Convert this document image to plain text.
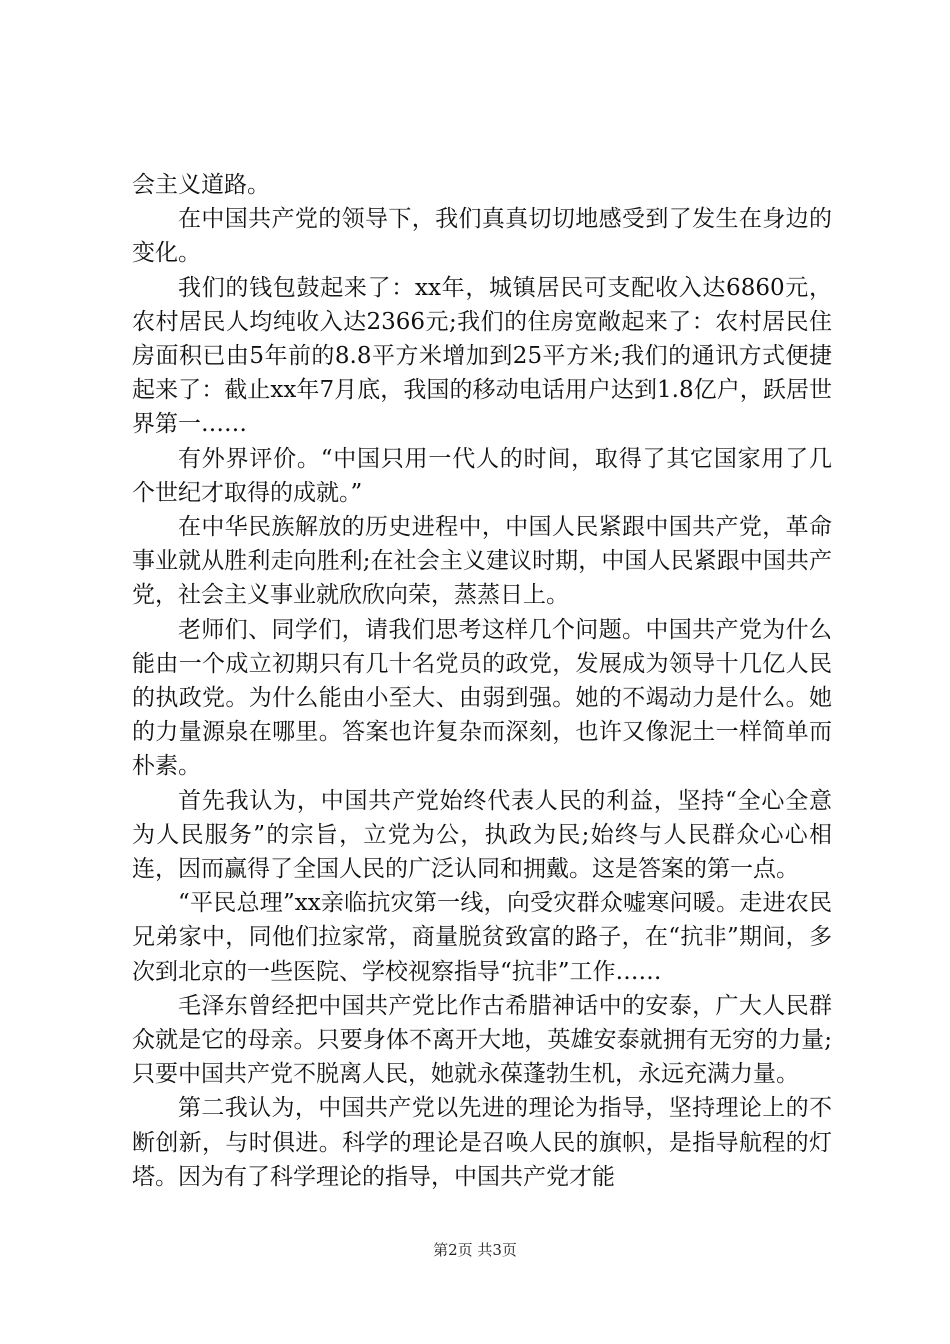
会主义道路。

在中国共产党的领导下，我们真真切切地感受到了发生在身边的变化。

我们的钱包鼓起来了：xx年，城镇居民可支配收入达6860元，农村居民人均纯收入达2366元;我们的住房宽敞起来了：农村居民住房面积已由5年前的8.8平方米增加到25平方米;我们的通讯方式便捷起来了：截止xx年7月底，我国的移动电话用户达到1.8亿户，跃居世界第一……

有外界评价。“中国只用一代人的时间，取得了其它国家用了几个世纪才取得的成就。”

在中华民族解放的历史进程中，中国人民紧跟中国共产党，革命事业就从胜利走向胜利;在社会主义建议时期，中国人民紧跟中国共产党，社会主义事业就欣欣向荣，蒸蒸日上。

老师们、同学们，请我们思考这样几个问题。中国共产党为什么能由一个成立初期只有几十名党员的政党，发展成为领导十几亿人民的执政党。为什么能由小至大、由弱到强。她的不竭动力是什么。她的力量源泉在哪里。答案也许复杂而深刻，也许又像泥土一样简单而朴素。

首先我认为，中国共产党始终代表人民的利益，坚持“全心全意为人民服务”的宗旨，立党为公，执政为民;始终与人民群众心心相连，因而赢得了全国人民的广泛认同和拥戴。这是答案的第一点。

“平民总理”xx亲临抗灾第一线，向受灾群众嘘寒问暖。走进农民兄弟家中，同他们拉家常，商量脱贫致富的路子，在“抗非”期间，多次到北京的一些医院、学校视察指导“抗非”工作……

毛泽东曾经把中国共产党比作古希腊神话中的安泰，广大人民群众就是它的母亲。只要身体不离开大地，英雄安泰就拥有无穷的力量;只要中国共产党不脱离人民，她就永葆蓬勃生机，永远充满力量。

第二我认为，中国共产党以先进的理论为指导，坚持理论上的不断创新，与时俱进。科学的理论是召唤人民的旗帜，是指导航程的灯塔。因为有了科学理论的指导，中国共产党才能

第2页 共3页
